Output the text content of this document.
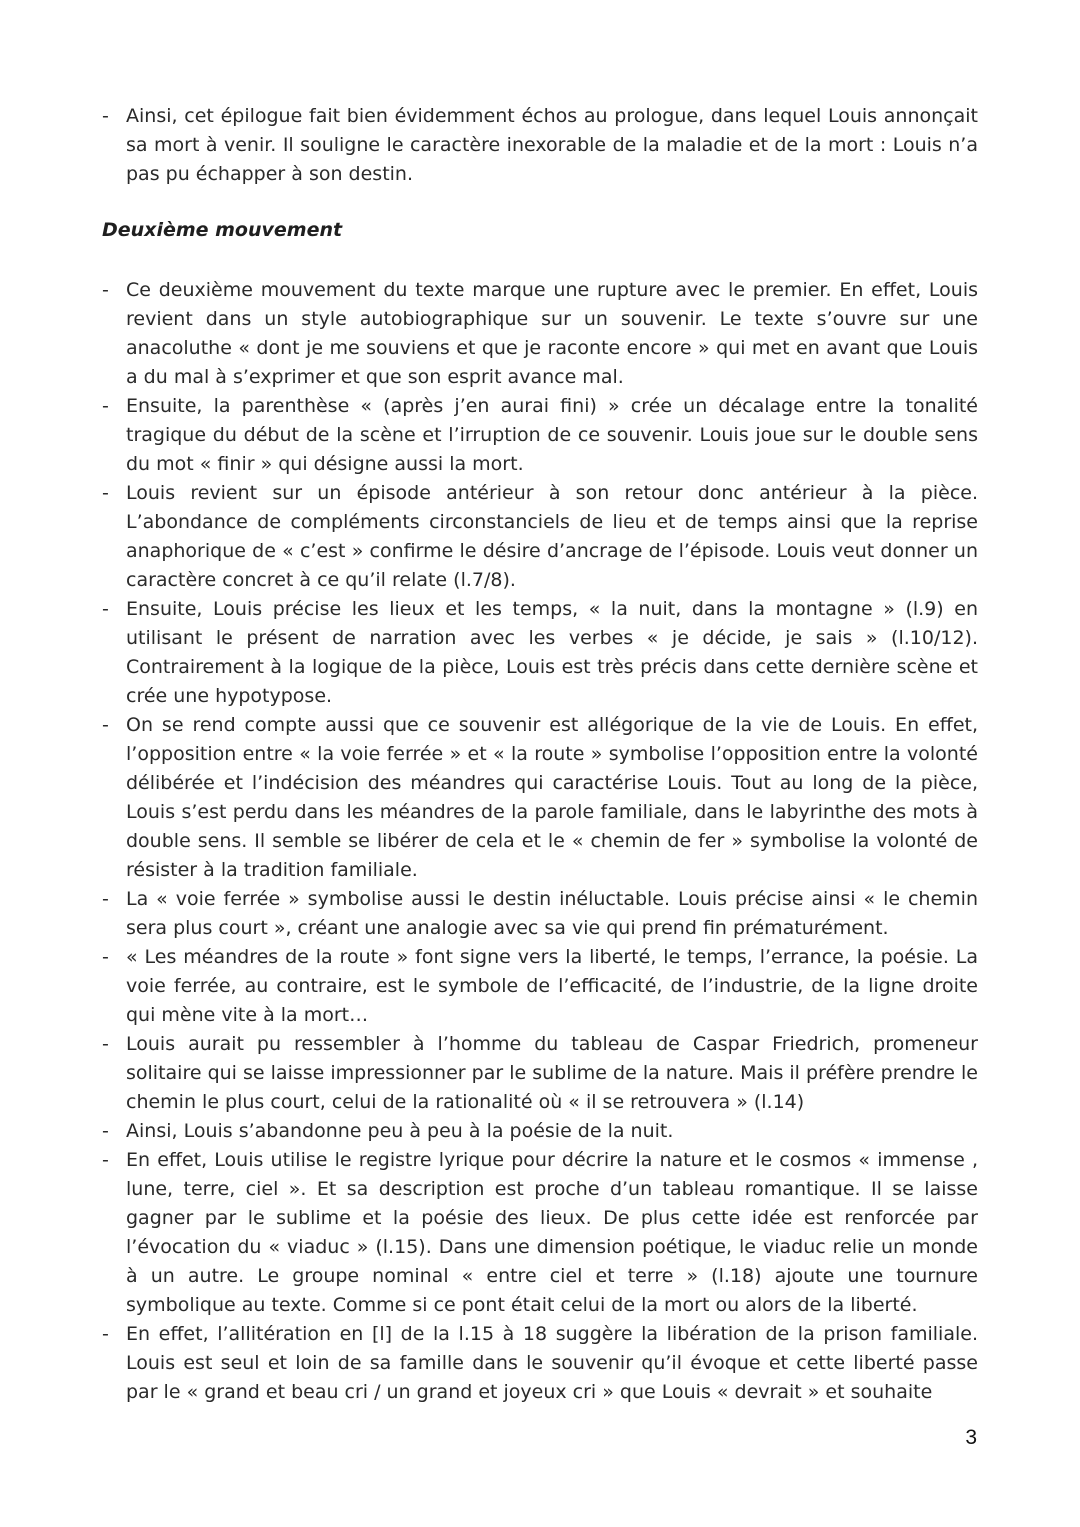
- Ainsi, cet épilogue fait bien évidemment échos au prologue, dans lequel Louis annonçait sa mort à venir. Il souligne le caractère inexorable de la maladie et de la mort : Louis n’a pas pu échapper à son destin.
Deuxième mouvement
- Ce deuxième mouvement du texte marque une rupture avec le premier. En effet, Louis revient dans un style autobiographique sur un souvenir. Le texte s’ouvre sur une anacoluthe « dont je me souviens et que je raconte encore » qui met en avant que Louis a du mal à s’exprimer et que son esprit avance mal.
- Ensuite, la parenthèse « (après j’en aurai fini) » crée un décalage entre la tonalité tragique du début de la scène et l’irruption de ce souvenir. Louis joue sur le double sens du mot « finir » qui désigne aussi la mort.
- Louis revient sur un épisode antérieur à son retour donc antérieur à la pièce. L’abondance de compléments circonstanciels de lieu et de temps ainsi que la reprise anaphorique de « c’est » confirme le désire d’ancrage de l’épisode. Louis veut donner un caractère concret à ce qu’il relate (l.7/8).
- Ensuite, Louis précise les lieux et les temps, « la nuit, dans la montagne » (l.9) en utilisant le présent de narration avec les verbes « je décide, je sais » (l.10/12). Contrairement à la logique de la pièce, Louis est très précis dans cette dernière scène et crée une hypotypose.
- On se rend compte aussi que ce souvenir est allégorique de la vie de Louis. En effet, l’opposition entre « la voie ferrée » et « la route » symbolise l’opposition entre la volonté délibérée et l’indécision des méandres qui caractérise Louis. Tout au long de la pièce, Louis s’est perdu dans les méandres de la parole familiale, dans le labyrinthe des mots à double sens. Il semble se libérer de cela et le « chemin de fer » symbolise la volonté de résister à la tradition familiale.
- La « voie ferrée » symbolise aussi le destin inéluctable. Louis précise ainsi « le chemin sera plus court », créant une analogie avec sa vie qui prend fin prématurément.
- « Les méandres de la route » font signe vers la liberté, le temps, l’errance, la poésie. La voie ferrée, au contraire, est le symbole de l’efficacité, de l’industrie, de la ligne droite qui mène vite à la mort…
- Louis aurait pu ressembler à l’homme du tableau de Caspar Friedrich, promeneur solitaire qui se laisse impressionner par le sublime de la nature. Mais il préfère prendre le chemin le plus court, celui de la rationalité où « il se retrouvera » (l.14)
- Ainsi, Louis s’abandonne peu à peu à la poésie de la nuit.
- En effet, Louis utilise le registre lyrique pour décrire la nature et le cosmos « immense , lune, terre, ciel ». Et sa description est proche d’un tableau romantique. Il se laisse gagner par le sublime et la poésie des lieux. De plus cette idée est renforcée par l’évocation du « viaduc » (l.15). Dans une dimension poétique, le viaduc relie un monde à un autre. Le groupe nominal « entre ciel et terre » (l.18) ajoute une tournure symbolique au texte. Comme si ce pont était celui de la mort ou alors de la liberté.
- En effet, l’allitération en [l] de la l.15 à 18 suggère la libération de la prison familiale. Louis est seul et loin de sa famille dans le souvenir qu’il évoque et cette liberté passe par le « grand et beau cri / un grand et joyeux cri » que Louis « devrait » et souhaite
3
